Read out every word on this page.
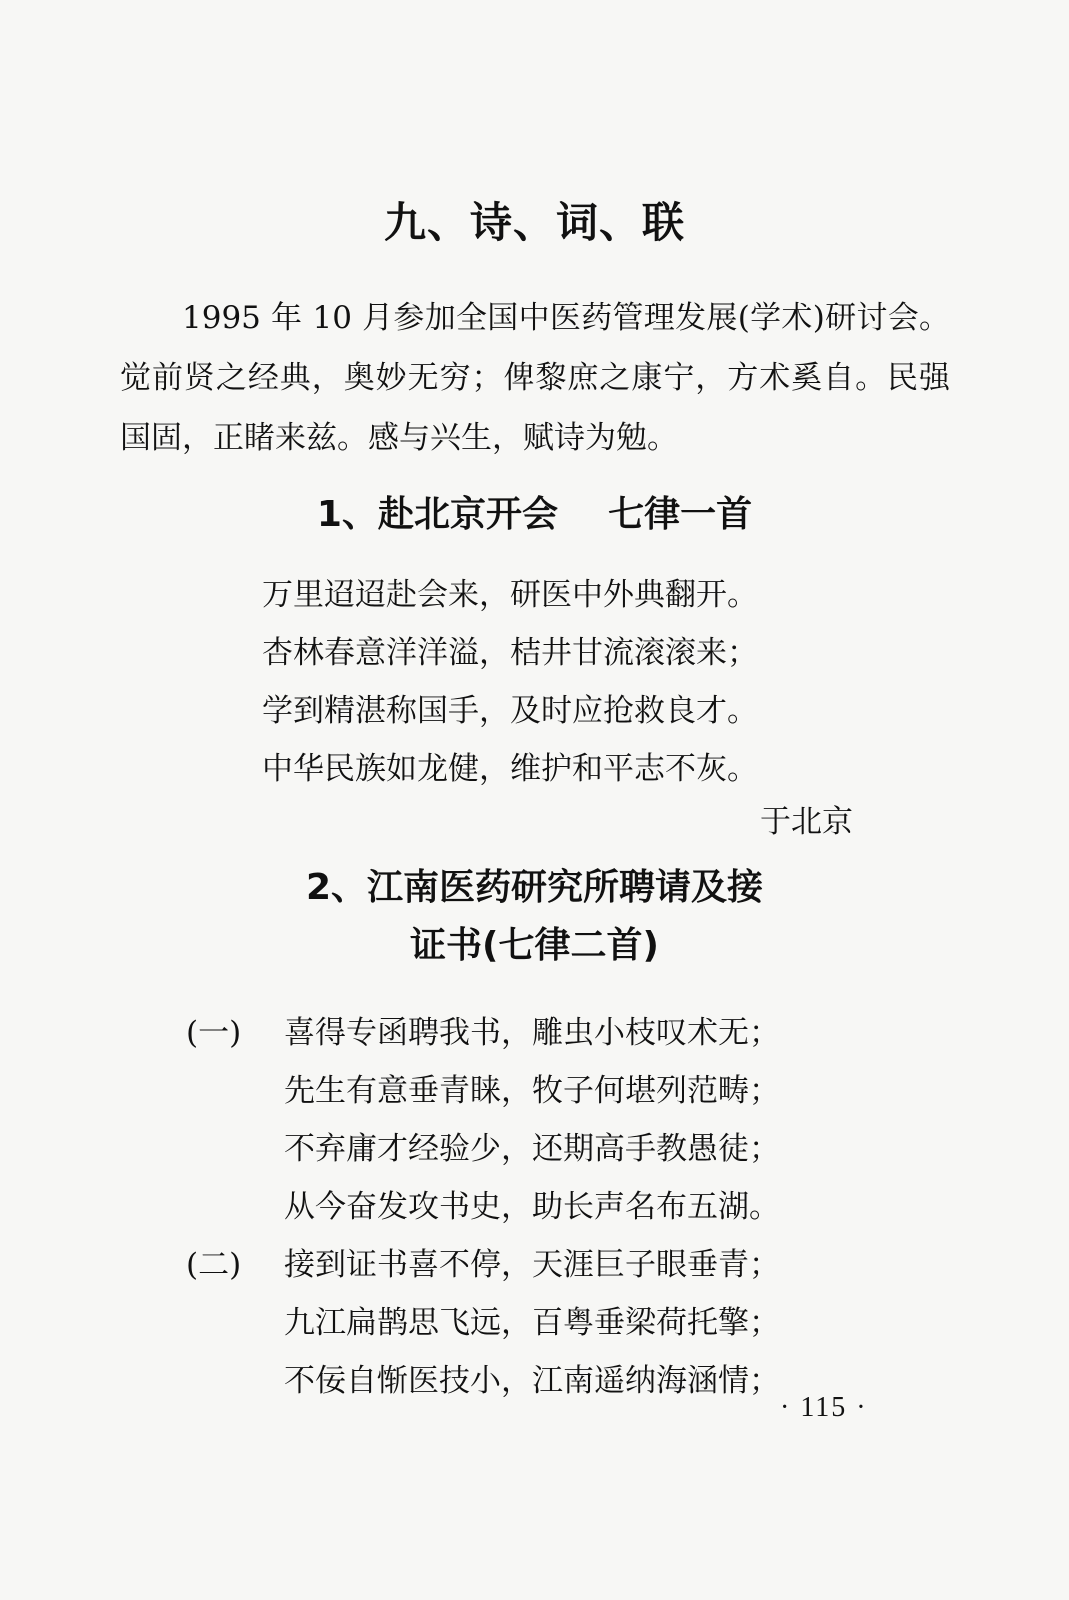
九、诗、词、联

1995 年 10 月参加全国中医药管理发展(学术)研讨会。觉前贤之经典，奥妙无穷；俾黎庶之康宁，方术奚自。民强国固，正睹来兹。感与兴生，赋诗为勉。

1、赴北京开会    七律一首
万里迢迢赴会来，研医中外典翻开。
杏林春意洋洋溢，桔井甘流滚滚来；
学到精湛称国手，及时应抢救良才。
中华民族如龙健，维护和平志不灰。
于北京
2、江南医药研究所聘请及接
证书(七律二首)
(一)	喜得专函聘我书，雕虫小枝叹术无；
先生有意垂青睐，牧子何堪列范畴；
不弃庸才经验少，还期高手教愚徒；
从今奋发攻书史，助长声名布五湖。
(二)	接到证书喜不停，天涯巨子眼垂青；
九江扁鹊思飞远，百粤垂梁荷托擎；
不佞自惭医技小，江南遥纳海涵情；
· 115 ·
